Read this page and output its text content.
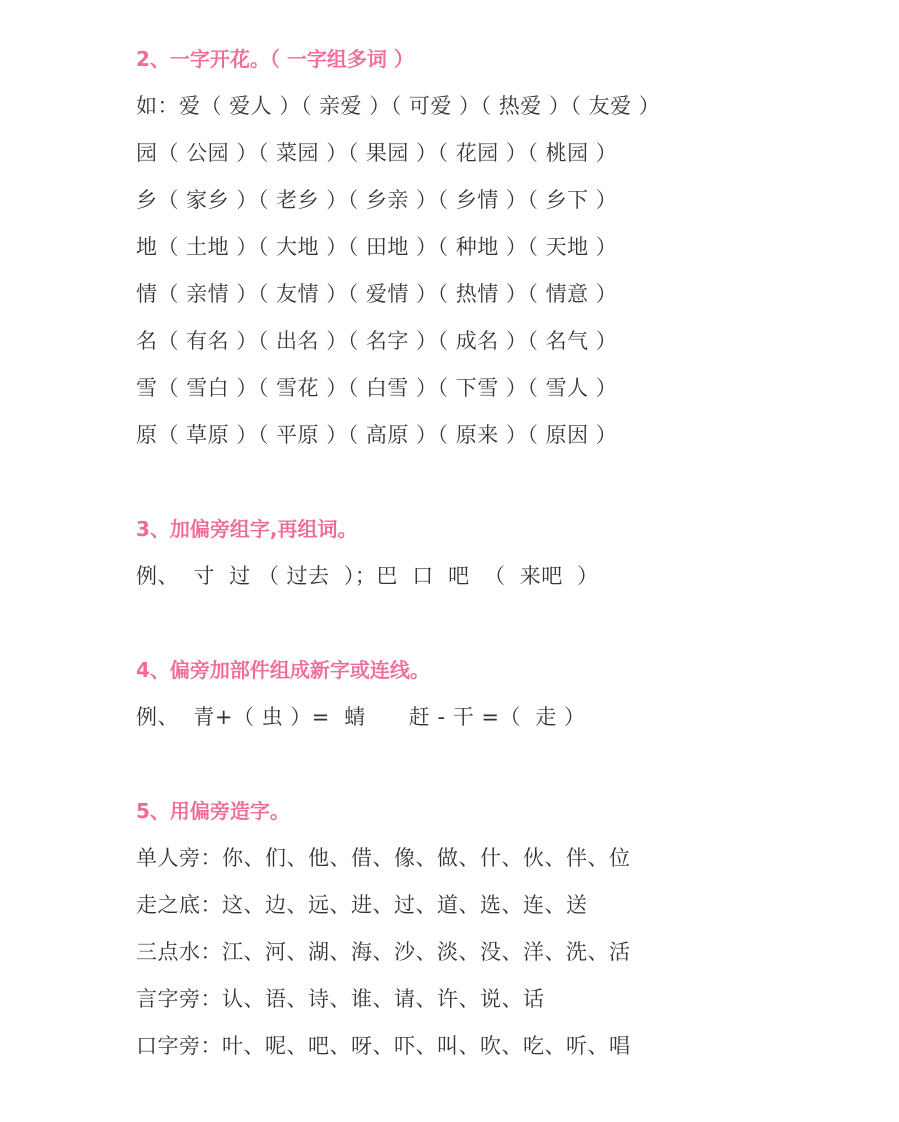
2、一字开花。（ 一字组多词 ）
如：爱（ 爱人 ）（ 亲爱 ）（ 可爱 ）（ 热爱 ）（ 友爱 ）
园（ 公园 ）（ 菜园 ）（ 果园 ）（ 花园 ）（ 桃园 ）
乡（ 家乡 ）（ 老乡 ）（ 乡亲 ）（ 乡情 ）（ 乡下 ）
地（ 土地 ）（ 大地 ）（ 田地 ）（ 种地 ）（ 天地 ）
情（ 亲情 ）（ 友情 ）（ 爱情 ）（ 热情 ）（ 情意 ）
名（ 有名 ）（ 出名 ）（ 名字 ）（ 成名 ）（ 名气 ）
雪（ 雪白 ）（ 雪花 ）（ 白雪 ）（ 下雪 ）（ 雪人 ）
原（ 草原 ）（ 平原 ）（ 高原 ）（ 原来 ）（ 原因 ）
3、加偏旁组字,再组词。
例、  寸  过 （ 过去  ）；巴  口  吧  （  来吧  ）
4、偏旁加部件组成新字或连线。
例、  青+（ 虫 ）=  蜻      赶 - 干 =（  走 ）
5、用偏旁造字。
单人旁：你、们、他、借、像、做、什、伙、伴、位
走之底：这、边、远、进、过、道、选、连、送
三点水：江、河、湖、海、沙、淡、没、洋、洗、活
言字旁：认、语、诗、谁、请、许、说、话
口字旁：叶、呢、吧、呀、吓、叫、吹、吃、听、唱
